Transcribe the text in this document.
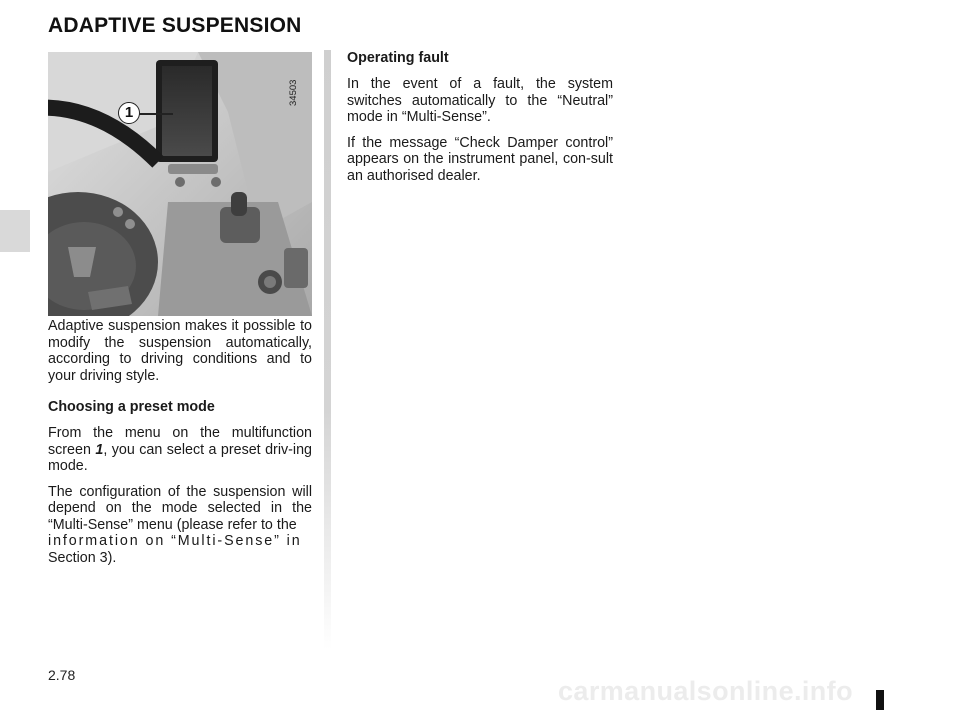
ADAPTIVE SUSPENSION
34503
1

Adaptive suspension makes it possible to modify the suspension automatically, according to driving conditions and to your driving style.

Choosing a preset mode

From the menu on the multifunction screen 1, you can select a preset driv-ing mode.

The configuration of the suspension will depend on the mode selected in the “Multi-Sense” menu (please refer to the
information on “Multi-Sense” in
Section 3).

Operating fault

In the event of a fault, the system switches automatically to the “Neutral” mode in “Multi-Sense”.

If the message “Check Damper control” appears on the instrument panel, con-sult an authorised dealer.

2.78
carmanualsonline.info
